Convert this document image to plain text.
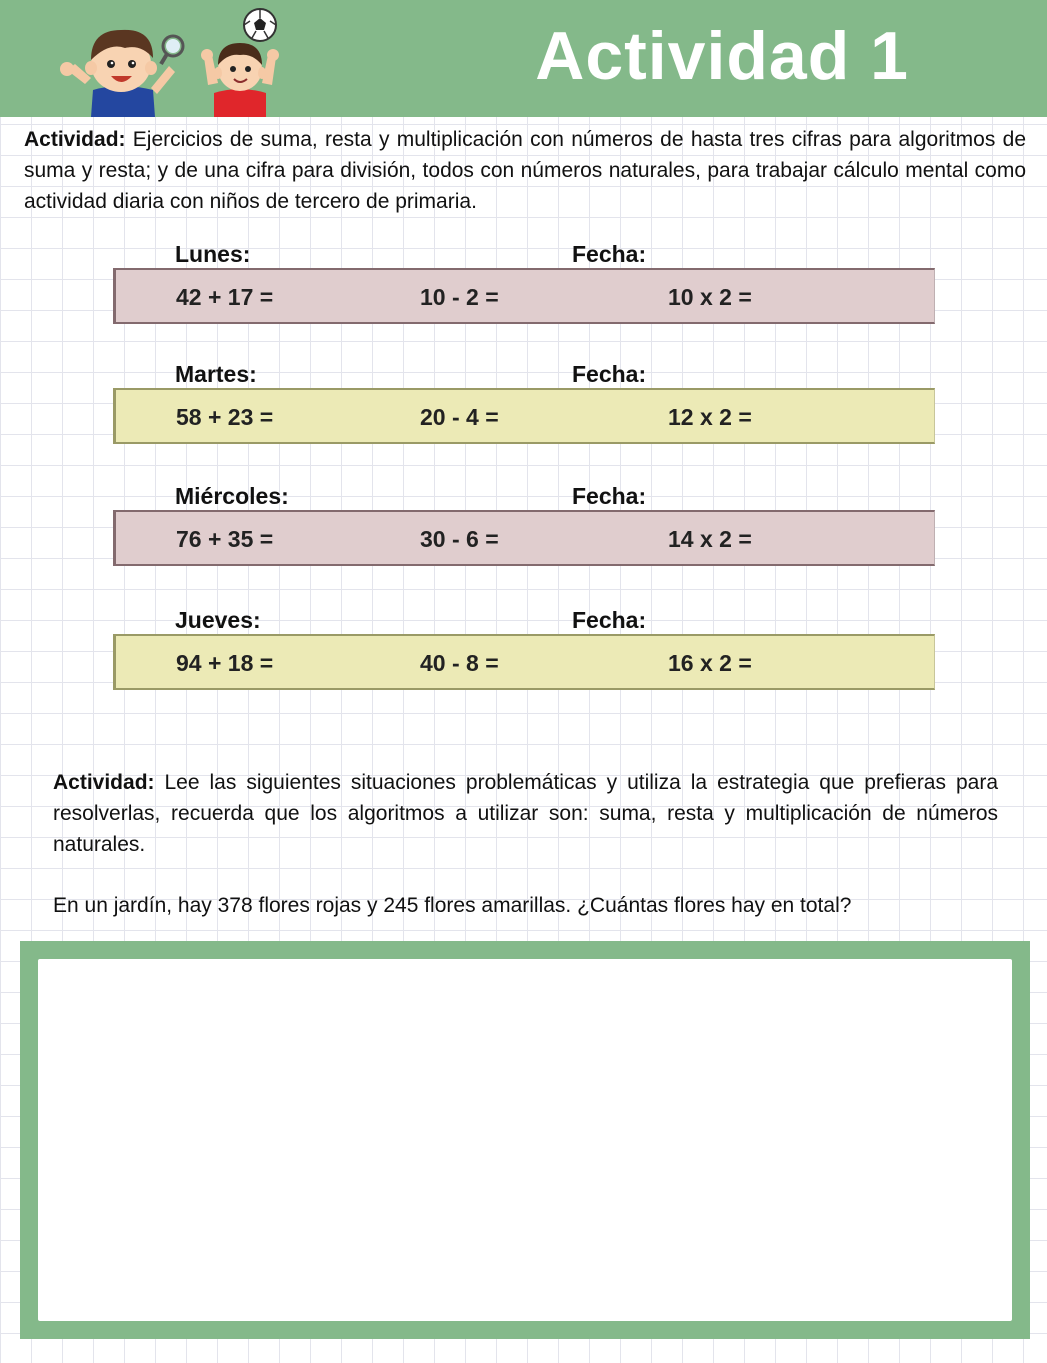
Actividad 1
Actividad: Ejercicios de suma, resta y multiplicación con números de hasta tres cifras para algoritmos de suma y resta; y de una cifra para división, todos con números naturales, para trabajar cálculo mental como actividad diaria con niños de tercero de primaria.
Lunes:	Fecha:
42 + 17 =	10 - 2 =	10 x 2 =
Martes:	Fecha:
58 + 23 =	20 - 4 =	12 x 2 =
Miércoles:	Fecha:
76 + 35 =	30 - 6 =	14 x 2 =
Jueves:	Fecha:
94 + 18 =	40 - 8 =	16 x 2 =
Actividad: Lee las siguientes situaciones problemáticas y utiliza la estrategia que prefieras para resolverlas, recuerda que los algoritmos a utilizar son: suma, resta y multiplicación de números naturales.
En un jardín, hay 378 flores rojas y 245 flores amarillas. ¿Cuántas flores hay en total?
